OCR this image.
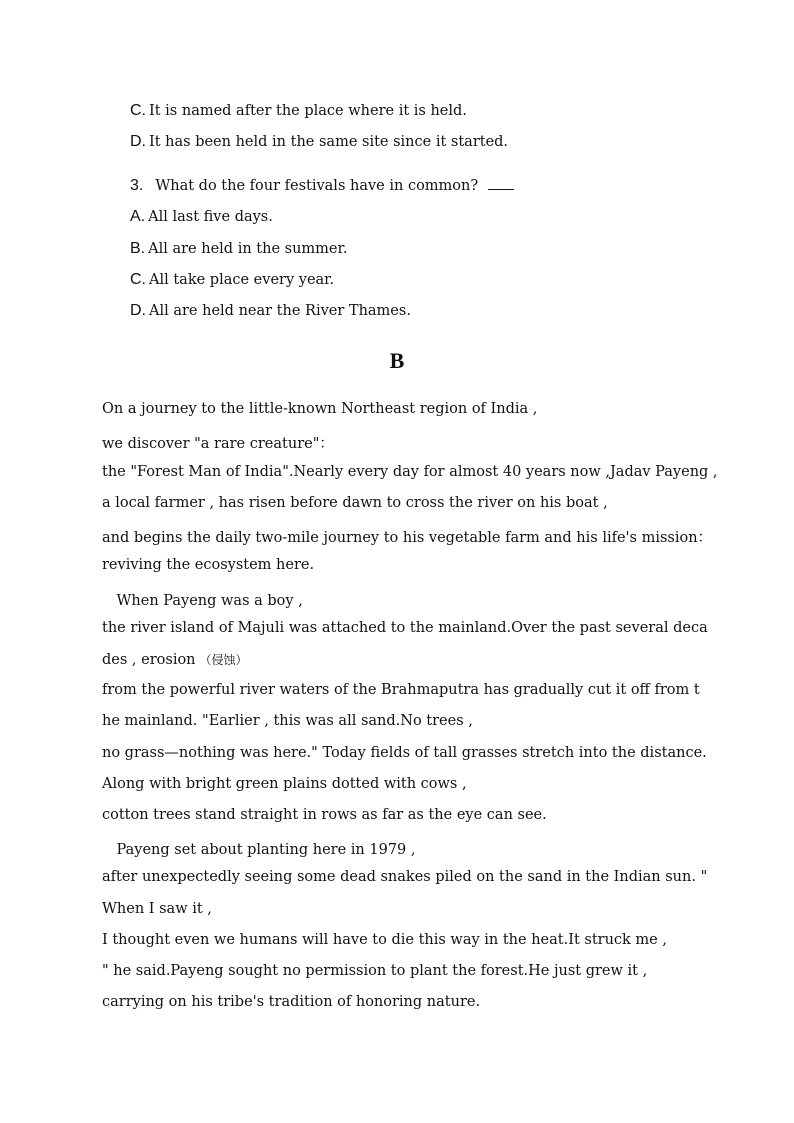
C. It is named after the place where it is held.
D. It has been held in the same site since it started.
3. What do the four festivals have in common?
A. All last five days.
B. All are held in the summer.
C. All take place every year.
D. All are held near the River Thames.
B
On a journey to the little-known Northeast region of India ,
we discover "a rare creature"：
the "Forest Man of India".Nearly every day for almost 40 years now ,Jadav Payeng ,
a local farmer , has risen before dawn to cross the river on his boat ,
and begins the daily two-mile journey to his vegetable farm and his life's mission：
reviving the ecosystem here.
　When Payeng was a boy ,
the river island of Majuli was attached to the mainland.Over the past several deca
des , erosion （侵蚀）
from the powerful river waters of the Brahmaputra has gradually cut it off from t
he mainland. "Earlier , this was all sand.No trees ,
no grass—nothing was here." Today fields of tall grasses stretch into the distance.
Along with bright green plains dotted with cows ,
cotton trees stand straight in rows as far as the eye can see.
　Payeng set about planting here in 1979 ,
after unexpectedly seeing some dead snakes piled on the sand in the Indian sun. "
When I saw it ,
I thought even we humans will have to die this way in the heat.It struck me ,
" he said.Payeng sought no permission to plant the forest.He just grew it ,
carrying on his tribe's tradition of honoring nature.
